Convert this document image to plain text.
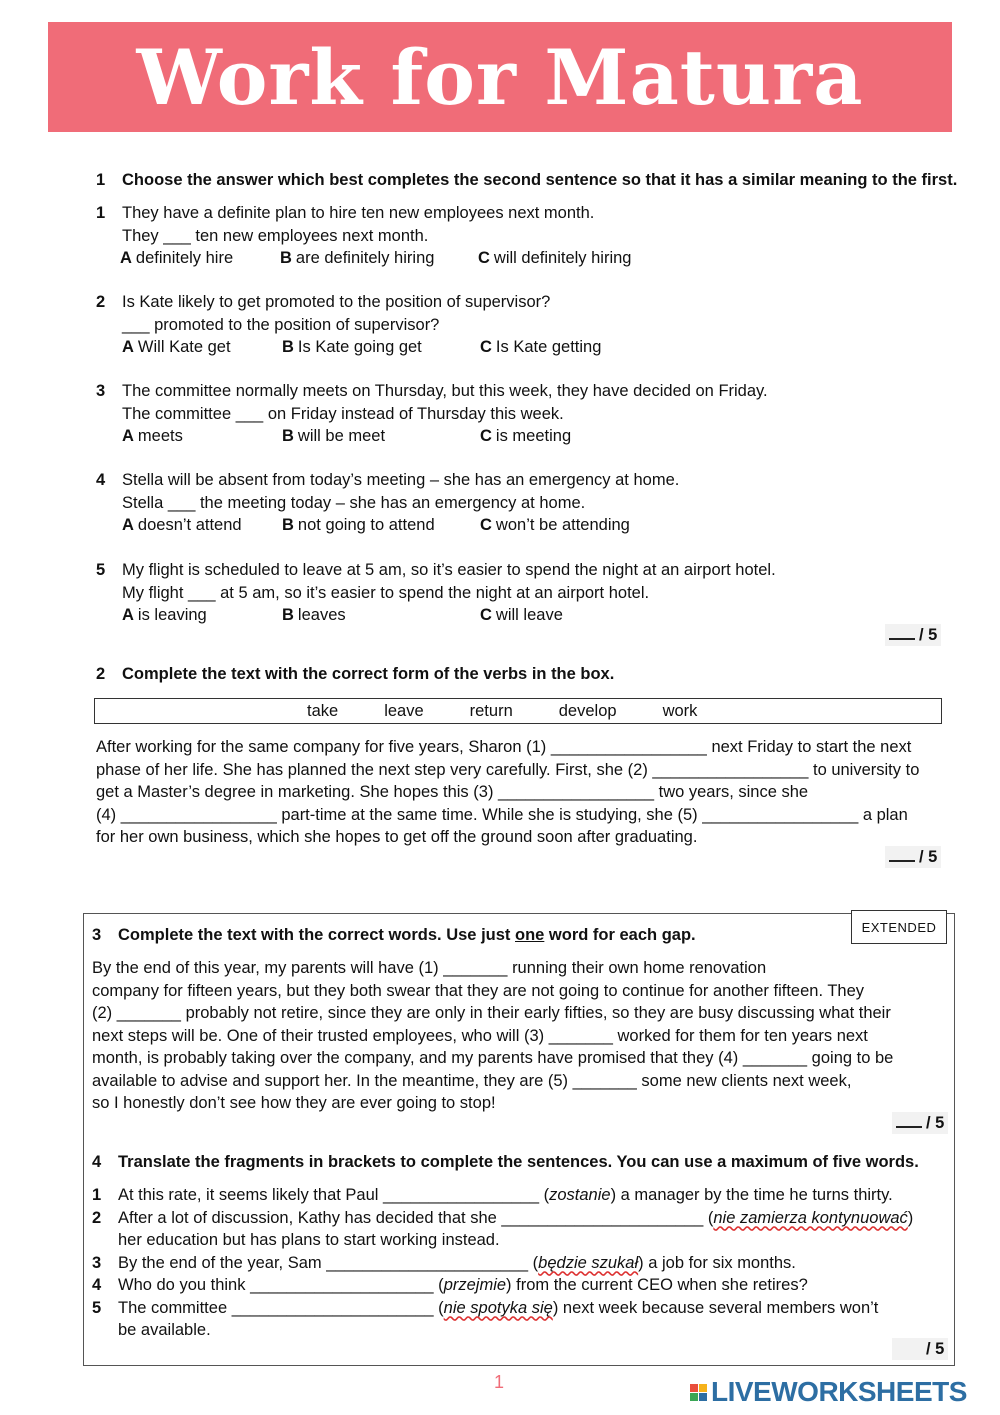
Work for Matura
1 Choose the answer which best completes the second sentence so that it has a similar meaning to the first.
1 They have a definite plan to hire ten new employees next month.
They ___ ten new employees next month.
A definitely hire	B are definitely hiring	C will definitely hiring
2 Is Kate likely to get promoted to the position of supervisor?
___ promoted to the position of supervisor?
A Will Kate get	B Is Kate going get	C Is Kate getting
3 The committee normally meets on Thursday, but this week, they have decided on Friday.
The committee ___ on Friday instead of Thursday this week.
A meets	B will be meet	C is meeting
4 Stella will be absent from today’s meeting – she has an emergency at home.
Stella ___ the meeting today – she has an emergency at home.
A doesn’t attend	B not going to attend	C won’t be attending
5 My flight is scheduled to leave at 5 am, so it’s easier to spend the night at an airport hotel.
My flight ___ at 5 am, so it’s easier to spend the night at an airport hotel.
A is leaving	B leaves	C will leave
/ 5
2 Complete the text with the correct form of the verbs in the box.
take	leave	return	develop	work
After working for the same company for five years, Sharon (1) _________________ next Friday to start the next
phase of her life. She has planned the next step very carefully. First, she (2) _________________ to university to
get a Master’s degree in marketing. She hopes this (3) _________________ two years, since she
(4) _________________ part-time at the same time. While she is studying, she (5) _________________ a plan
for her own business, which she hopes to get off the ground soon after graduating.
/ 5
EXTENDED
3 Complete the text with the correct words. Use just one word for each gap.
By the end of this year, my parents will have (1) _______ running their own home renovation
company for fifteen years, but they both swear that they are not going to continue for another fifteen. They
(2) _______ probably not retire, since they are only in their early fifties, so they are busy discussing what their
next steps will be. One of their trusted employees, who will (3) _______ worked for them for ten years next
month, is probably taking over the company, and my parents have promised that they (4) _______ going to be
available to advise and support her. In the meantime, they are (5) _______ some new clients next week,
so I honestly don’t see how they are ever going to stop!
/ 5
4 Translate the fragments in brackets to complete the sentences. You can use a maximum of five words.
1 At this rate, it seems likely that Paul _________________ (zostanie) a manager by the time he turns thirty.
2 After a lot of discussion, Kathy has decided that she ______________________ (nie zamierza kontynuować)
her education but has plans to start working instead.
3 By the end of the year, Sam ______________________ (będzie szukał) a job for six months.
4 Who do you think ____________________ (przejmie) from the current CEO when she retires?
5 The committee ______________________ (nie spotyka się) next week because several members won’t
be available.
/ 5
1	LIVEWORKSHEETS
